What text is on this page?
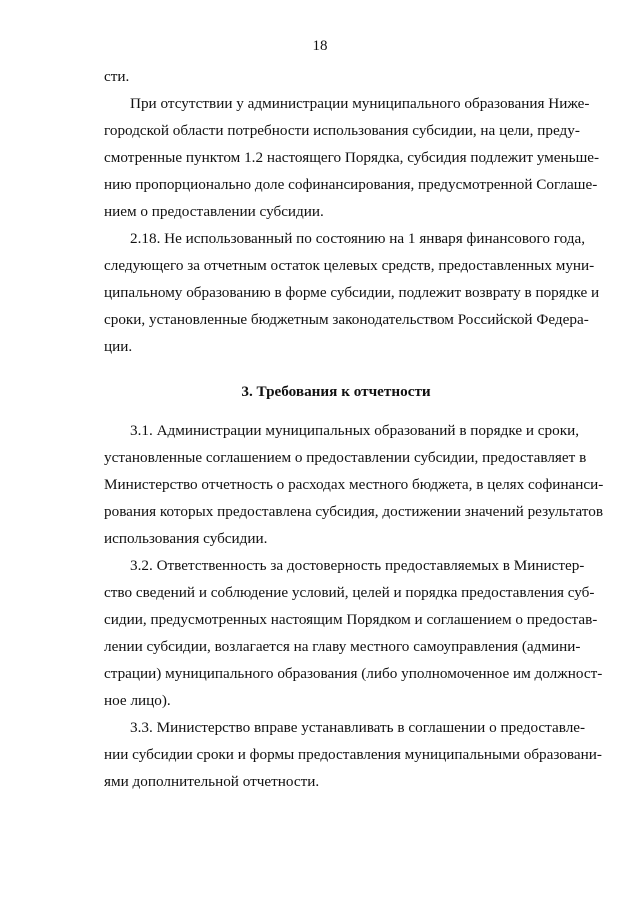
18
сти.
При отсутствии у администрации муниципального образования Ниже-
городской области потребности использования субсидии, на цели, преду-
смотренные пунктом 1.2 настоящего Порядка, субсидия подлежит уменьше-
нию пропорционально доле софинансирования, предусмотренной Соглаше-
нием о предоставлении субсидии.
2.18. Не использованный по состоянию на 1 января финансового года,
следующего за отчетным остаток целевых средств, предоставленных муни-
ципальному образованию в форме субсидии, подлежит возврату в порядке и
сроки, установленные бюджетным законодательством Российской Федера-
ции.
3. Требования к отчетности
3.1. Администрации муниципальных образований в порядке и сроки,
установленные соглашением о предоставлении субсидии, предоставляет в
Министерство отчетность о расходах местного бюджета, в целях софинанси-
рования которых предоставлена субсидия, достижении значений результатов
использования субсидии.
3.2. Ответственность за достоверность предоставляемых в Министер-
ство сведений и соблюдение условий, целей и порядка предоставления суб-
сидии, предусмотренных настоящим Порядком и соглашением о предостав-
лении субсидии, возлагается на главу местного самоуправления (админи-
страции) муниципального образования (либо уполномоченное им должност-
ное лицо).
3.3. Министерство вправе устанавливать в соглашении о предоставле-
нии субсидии сроки и формы предоставления муниципальными образовани-
ями дополнительной отчетности.
